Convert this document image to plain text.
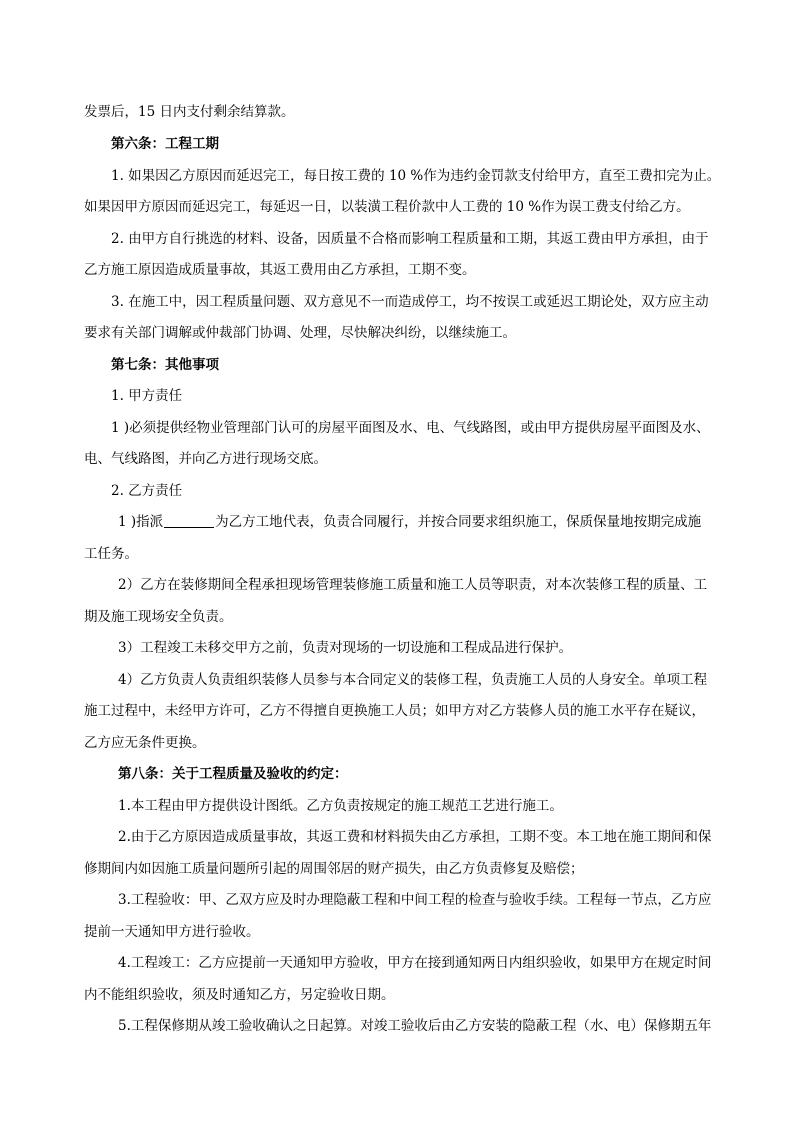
发票后，15 日内支付剩余结算款。
第六条：工程工期
1. 如果因乙方原因而延迟完工，每日按工费的 10 %作为违约金罚款支付给甲方，直至工费扣完为止。
如果因甲方原因而延迟完工，每延迟一日，以装潢工程价款中人工费的 10 %作为误工费支付给乙方。
2. 由甲方自行挑选的材料、设备，因质量不合格而影响工程质量和工期，其返工费由甲方承担，由于
乙方施工原因造成质量事故，其返工费用由乙方承担，工期不变。
3. 在施工中，因工程质量问题、双方意见不一而造成停工，均不按误工或延迟工期论处，双方应主动
要求有关部门调解或仲裁部门协调、处理，尽快解决纠纷，以继续施工。
第七条：其他事项
1. 甲方责任
1 )必须提供经物业管理部门认可的房屋平面图及水、电、气线路图，或由甲方提供房屋平面图及水、
电、气线路图，并向乙方进行现场交底。
2. 乙方责任
1 )指派	为乙方工地代表，负责合同履行，并按合同要求组织施工，保质保量地按期完成施
工任务。
2）乙方在装修期间全程承担现场管理装修施工质量和施工人员等职责，对本次装修工程的质量、工
期及施工现场安全负责。
3）工程竣工未移交甲方之前，负责对现场的一切设施和工程成品进行保护。
4）乙方负责人负责组织装修人员参与本合同定义的装修工程，负责施工人员的人身安全。单项工程
施工过程中，未经甲方许可，乙方不得擅自更换施工人员；如甲方对乙方装修人员的施工水平存在疑议，
乙方应无条件更换。
第八条：关于工程质量及验收的约定：
1.本工程由甲方提供设计图纸。乙方负责按规定的施工规范工艺进行施工。
2.由于乙方原因造成质量事故，其返工费和材料损失由乙方承担，工期不变。本工地在施工期间和保
修期间内如因施工质量问题所引起的周围邻居的财产损失，由乙方负责修复及赔偿；
3.工程验收：甲、乙双方应及时办理隐蔽工程和中间工程的检查与验收手续。工程每一节点，乙方应
提前一天通知甲方进行验收。
4.工程竣工：乙方应提前一天通知甲方验收，甲方在接到通知两日内组织验收，如果甲方在规定时间
内不能组织验收，须及时通知乙方，另定验收日期。
5.工程保修期从竣工验收确认之日起算。对竣工验收后由乙方安装的隐蔽工程（水、电）保修期五年
